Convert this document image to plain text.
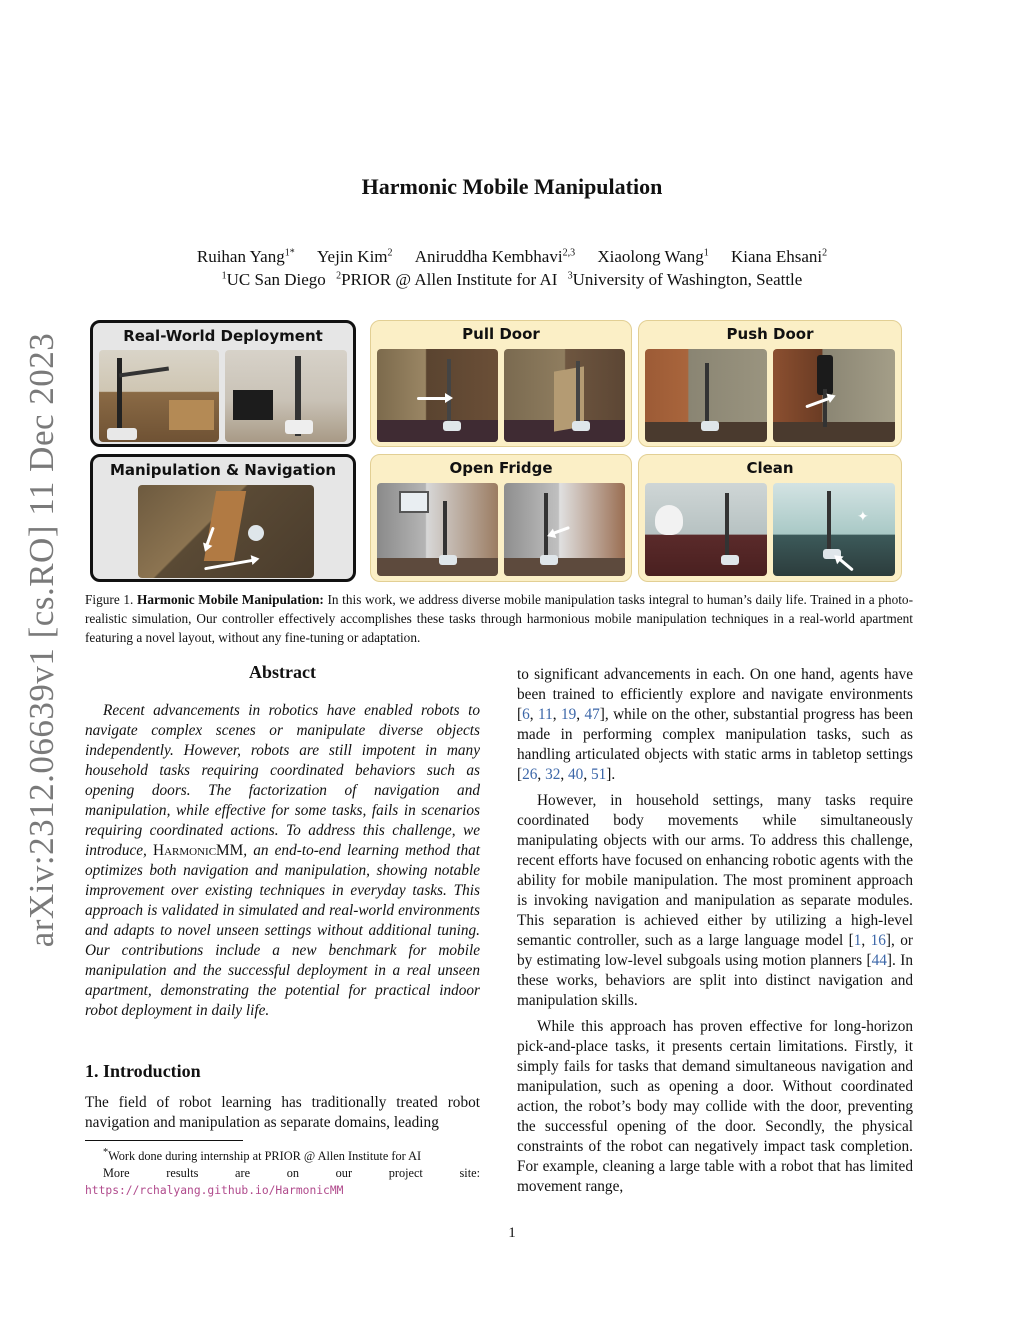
arXiv:2312.06639v1 [cs.RO] 11 Dec 2023
Harmonic Mobile Manipulation
Ruihan Yang$^{1*}$ Yejin Kim$^2$ Aniruddha Kembhavi$^{2,3}$ Xiaolong Wang$^1$ Kiana Ehsani$^2$
$^1$UC San Diego $^2$PRIOR @ Allen Institute for AI $^3$University of Washington, Seattle
Real-World Deployment	Pull Door	Push Door
Manipulation & Navigation	Open Fridge	Clean
✦
Figure 1. Harmonic Mobile Manipulation: In this work, we address diverse mobile manipulation tasks integral to human’s daily life. Trained in a photo-realistic simulation, Our controller effectively accomplishes these tasks through harmonious mobile manipulation techniques in a real-world apartment featuring a novel layout, without any fine-tuning or adaptation.
Abstract

Recent advancements in robotics have enabled robots to navigate complex scenes or manipulate diverse objects independently. However, robots are still impotent in many household tasks requiring coordinated behaviors such as opening doors. The factorization of navigation and manipulation, while effective for some tasks, fails in scenarios requiring coordinated actions. To address this challenge, we introduce, HarmonicMM, an end-to-end learning method that optimizes both navigation and manipulation, showing notable improvement over existing techniques in everyday tasks. This approach is validated in simulated and real-world environments and adapts to novel unseen settings without additional tuning. Our contributions include a new benchmark for mobile manipulation and the successful deployment in a real unseen apartment, demonstrating the potential for practical indoor robot deployment in daily life.

1. Introduction

The field of robot learning has traditionally treated robot navigation and manipulation as separate domains, leading

*Work done during internship at PRIOR @ Allen Institute for AI
More results are on our project site: https://rchalyang.github.io/HarmonicMM

to significant advancements in each. On one hand, agents have been trained to efficiently explore and navigate environments [6, 11, 19, 47], while on the other, substantial progress has been made in performing complex manipulation tasks, such as handling articulated objects with static arms in tabletop settings [26, 32, 40, 51].

However, in household settings, many tasks require coordinated body movements while simultaneously manipulating objects with our arms. To address this challenge, recent efforts have focused on enhancing robotic agents with the ability for mobile manipulation. The most prominent approach is invoking navigation and manipulation as separate modules. This separation is achieved either by utilizing a high-level semantic controller, such as a large language model [1, 16], or by estimating low-level subgoals using motion planners [44]. In these works, behaviors are split into distinct navigation and manipulation skills.

While this approach has proven effective for long-horizon pick-and-place tasks, it presents certain limitations. Firstly, it simply fails for tasks that demand simultaneous navigation and manipulation, such as opening a door. Without coordinated action, the robot’s body may collide with the door, preventing the successful opening of the door. Secondly, the physical constraints of the robot can negatively impact task completion. For example, cleaning a large table with a robot that has limited movement range,

1
